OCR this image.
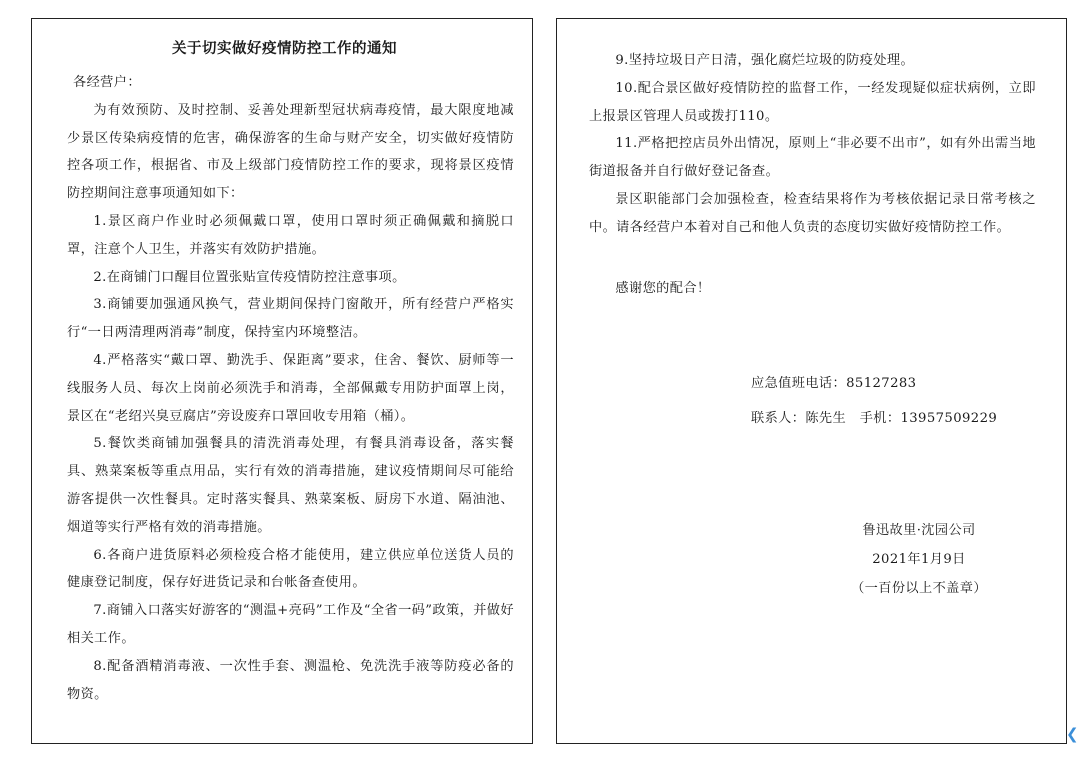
关于切实做好疫情防控工作的通知

各经营户：

为有效预防、及时控制、妥善处理新型冠状病毒疫情，最大限度地减少景区传染病疫情的危害，确保游客的生命与财产安全，切实做好疫情防控各项工作，根据省、市及上级部门疫情防控工作的要求，现将景区疫情防控期间注意事项通知如下：

1.景区商户作业时必须佩戴口罩，使用口罩时须正确佩戴和摘脱口罩，注意个人卫生，并落实有效防护措施。

2.在商铺门口醒目位置张贴宣传疫情防控注意事项。

3.商铺要加强通风换气，营业期间保持门窗敞开，所有经营户严格实行“一日两清理两消毒”制度，保持室内环境整洁。

4.严格落实“戴口罩、勤洗手、保距离”要求，住舍、餐饮、厨师等一线服务人员、每次上岗前必须洗手和消毒，全部佩戴专用防护面罩上岗，景区在“老绍兴臭豆腐店”旁设废弃口罩回收专用箱（桶）。

5.餐饮类商铺加强餐具的清洗消毒处理，有餐具消毒设备，落实餐具、熟菜案板等重点用品，实行有效的消毒措施，建议疫情期间尽可能给游客提供一次性餐具。定时落实餐具、熟菜案板、厨房下水道、隔油池、烟道等实行严格有效的消毒措施。

6.各商户进货原料必须检疫合格才能使用，建立供应单位送货人员的健康登记制度，保存好进货记录和台帐备查使用。

7.商铺入口落实好游客的“测温+亮码”工作及“全省一码”政策，并做好相关工作。

8.配备酒精消毒液、一次性手套、测温枪、免洗洗手液等防疫必备的物资。

9.坚持垃圾日产日清，强化腐烂垃圾的防疫处理。

10.配合景区做好疫情防控的监督工作，一经发现疑似症状病例，立即上报景区管理人员或拨打110。

11.严格把控店员外出情况，原则上“非必要不出市”，如有外出需当地街道报备并自行做好登记备查。

景区职能部门会加强检查，检查结果将作为考核依据记录日常考核之中。请各经营户本着对自己和他人负责的态度切实做好疫情防控工作。

感谢您的配合！

应急值班电话：85127283
联系人：陈先生　手机：13957509229
鲁迅故里·沈园公司
2021年1月9日
（一百份以上不盖章）
❮
